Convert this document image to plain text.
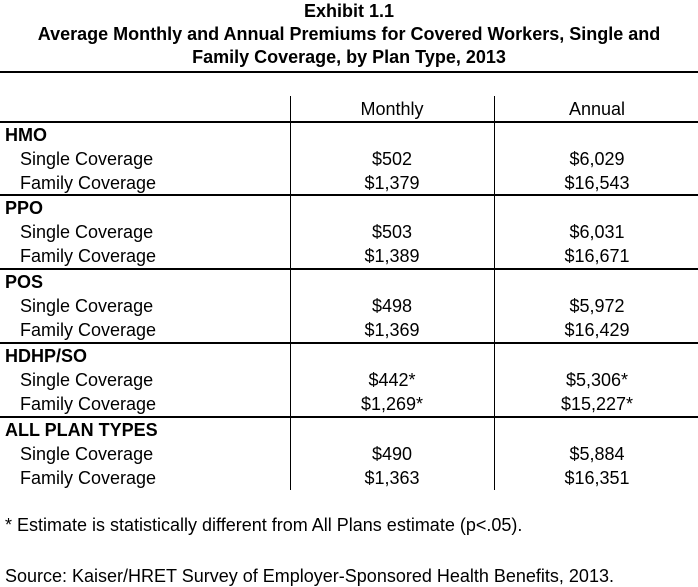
Exhibit 1.1
Average Monthly and Annual Premiums for Covered Workers, Single and
Family Coverage, by Plan Type, 2013
Monthly	Annual
HMO
Single Coverage	$502	$6,029
Family Coverage	$1,379	$16,543
PPO
Single Coverage	$503	$6,031
Family Coverage	$1,389	$16,671
POS
Single Coverage	$498	$5,972
Family Coverage	$1,369	$16,429
HDHP/SO
Single Coverage	$442*	$5,306*
Family Coverage	$1,269*	$15,227*
ALL PLAN TYPES
Single Coverage	$490	$5,884
Family Coverage	$1,363	$16,351
* Estimate is statistically different from All Plans estimate (p<.05).
Source: Kaiser/HRET Survey of Employer-Sponsored Health Benefits, 2013.
